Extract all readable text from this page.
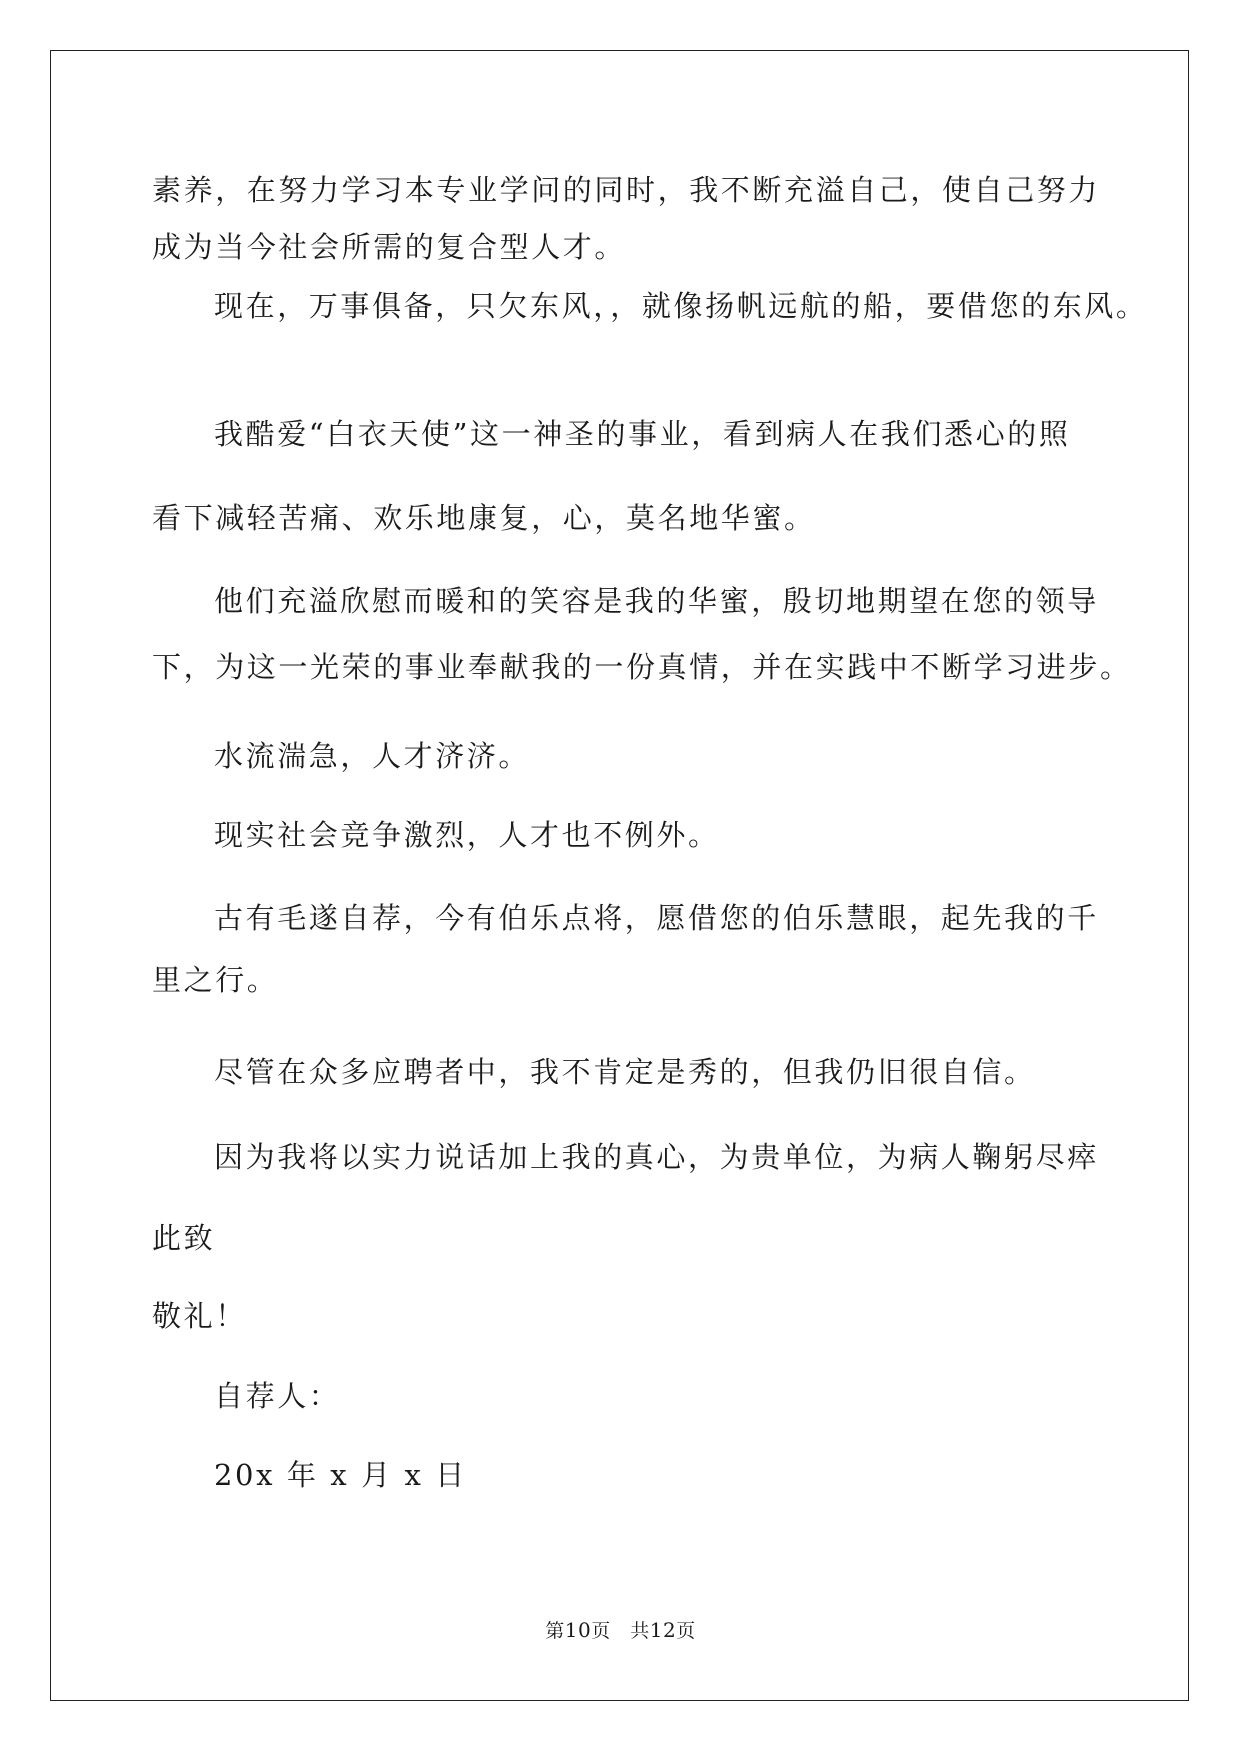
素养，在努力学习本专业学问的同时，我不断充溢自己，使自己努力
成为当今社会所需的复合型人才。
现在，万事俱备，只欠东风，，就像扬帆远航的船，要借您的东风。
我酷爱“白衣天使”这一神圣的事业，看到病人在我们悉心的照
看下减轻苦痛、欢乐地康复，心，莫名地华蜜。
他们充溢欣慰而暖和的笑容是我的华蜜，殷切地期望在您的领导
下，为这一光荣的事业奉献我的一份真情，并在实践中不断学习进步。
水流湍急，人才济济。
现实社会竞争激烈，人才也不例外。
古有毛遂自荐，今有伯乐点将，愿借您的伯乐慧眼，起先我的千
里之行。
尽管在众多应聘者中，我不肯定是秀的，但我仍旧很自信。
因为我将以实力说话加上我的真心，为贵单位，为病人鞠躬尽瘁
此致
敬礼！
自荐人：
20x 年 x 月 x 日
第10页　共12页
